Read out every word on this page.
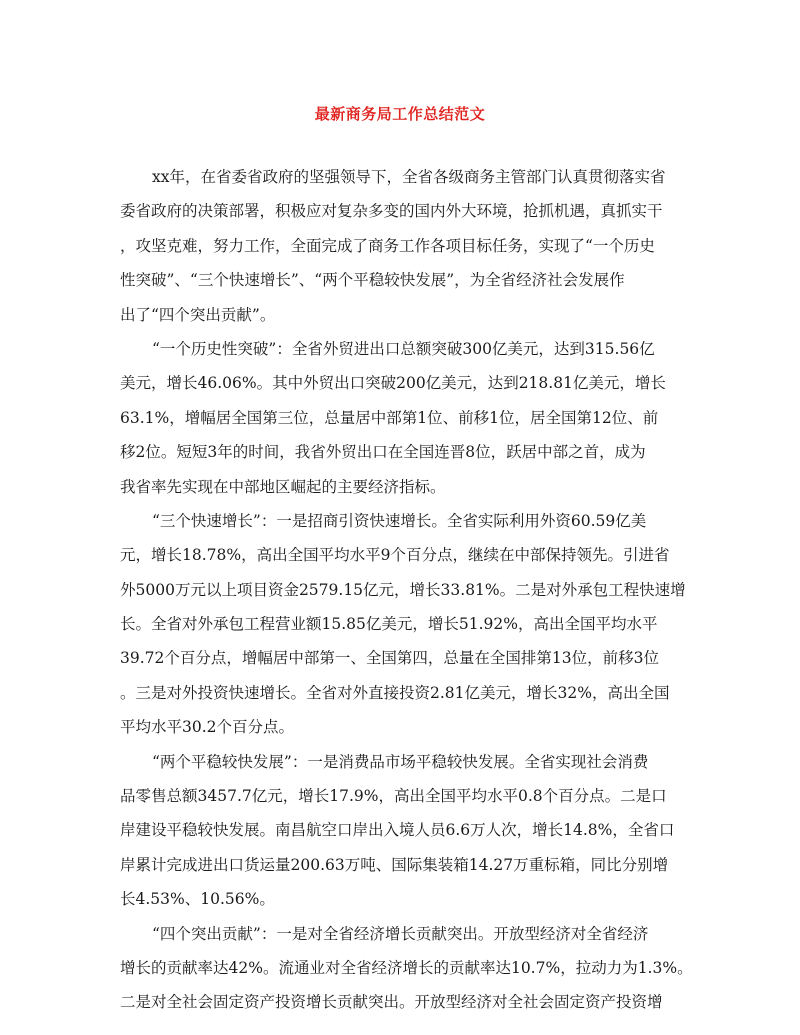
最新商务局工作总结范文
xx年，在省委省政府的坚强领导下，全省各级商务主管部门认真贯彻落实省
委省政府的决策部署，积极应对复杂多变的国内外大环境，抢抓机遇，真抓实干
，攻坚克难，努力工作，全面完成了商务工作各项目标任务，实现了“一个历史
性突破”、“三个快速增长”、“两个平稳较快发展”，为全省经济社会发展作
出了“四个突出贡献”。
“一个历史性突破”：全省外贸进出口总额突破300亿美元，达到315.56亿
美元，增长46.06%。其中外贸出口突破200亿美元，达到218.81亿美元，增长
63.1%，增幅居全国第三位，总量居中部第1位、前移1位，居全国第12位、前
移2位。短短3年的时间，我省外贸出口在全国连晋8位，跃居中部之首，成为
我省率先实现在中部地区崛起的主要经济指标。
“三个快速增长”：一是招商引资快速增长。全省实际利用外资60.59亿美
元，增长18.78%，高出全国平均水平9个百分点，继续在中部保持领先。引进省
外5000万元以上项目资金2579.15亿元，增长33.81%。二是对外承包工程快速增
长。全省对外承包工程营业额15.85亿美元，增长51.92%，高出全国平均水平
39.72个百分点，增幅居中部第一、全国第四，总量在全国排第13位，前移3位
。三是对外投资快速增长。全省对外直接投资2.81亿美元，增长32%，高出全国
平均水平30.2个百分点。
“两个平稳较快发展”：一是消费品市场平稳较快发展。全省实现社会消费
品零售总额3457.7亿元，增长17.9%，高出全国平均水平0.8个百分点。二是口
岸建设平稳较快发展。南昌航空口岸出入境人员6.6万人次，增长14.8%，全省口
岸累计完成进出口货运量200.63万吨、国际集装箱14.27万重标箱，同比分别增
长4.53%、10.56%。
“四个突出贡献”：一是对全省经济增长贡献突出。开放型经济对全省经济
增长的贡献率达42%。流通业对全省经济增长的贡献率达10.7%，拉动力为1.3%。
二是对全社会固定资产投资增长贡献突出。开放型经济对全社会固定资产投资增
